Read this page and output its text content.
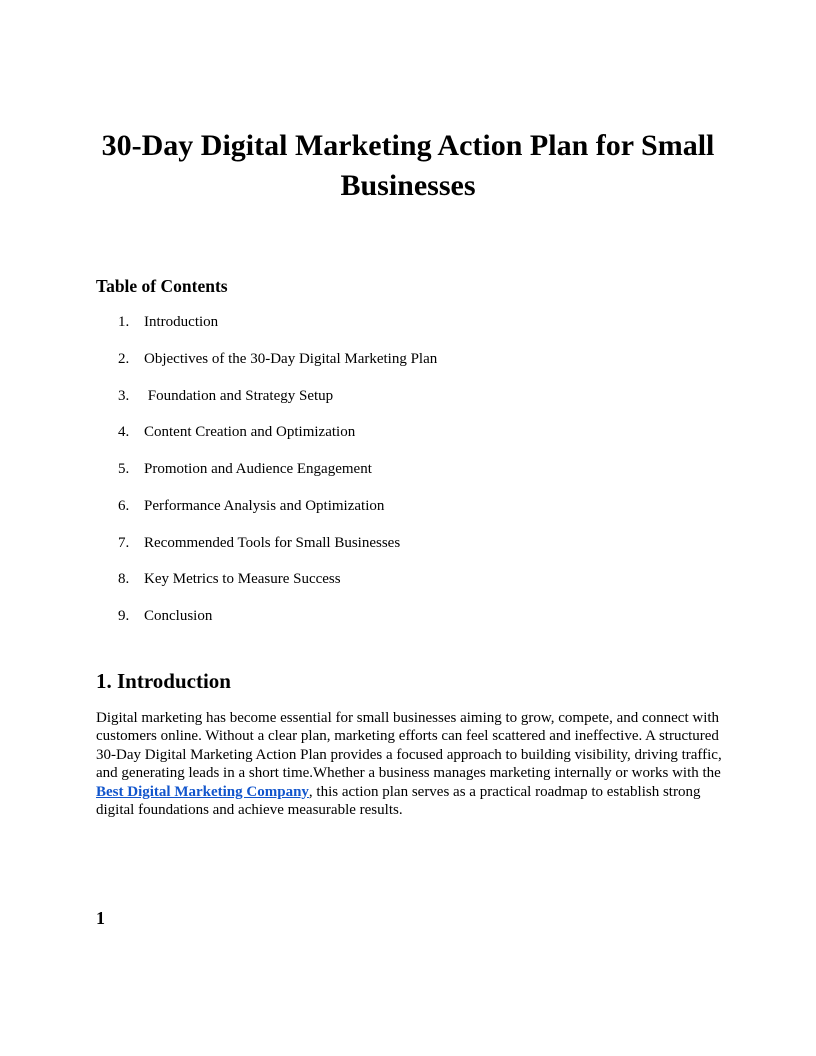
30-Day Digital Marketing Action Plan for Small Businesses
Table of Contents
1. Introduction
2. Objectives of the 30-Day Digital Marketing Plan
3. Foundation and Strategy Setup
4. Content Creation and Optimization
5. Promotion and Audience Engagement
6. Performance Analysis and Optimization
7. Recommended Tools for Small Businesses
8. Key Metrics to Measure Success
9. Conclusion
1. Introduction

Digital marketing has become essential for small businesses aiming to grow, compete, and connect with customers online. Without a clear plan, marketing efforts can feel scattered and ineffective. A structured 30-Day Digital Marketing Action Plan provides a focused approach to building visibility, driving traffic, and generating leads in a short time.Whether a business manages marketing internally or works with the Best Digital Marketing Company, this action plan serves as a practical roadmap to establish strong digital foundations and achieve measurable results.

1
